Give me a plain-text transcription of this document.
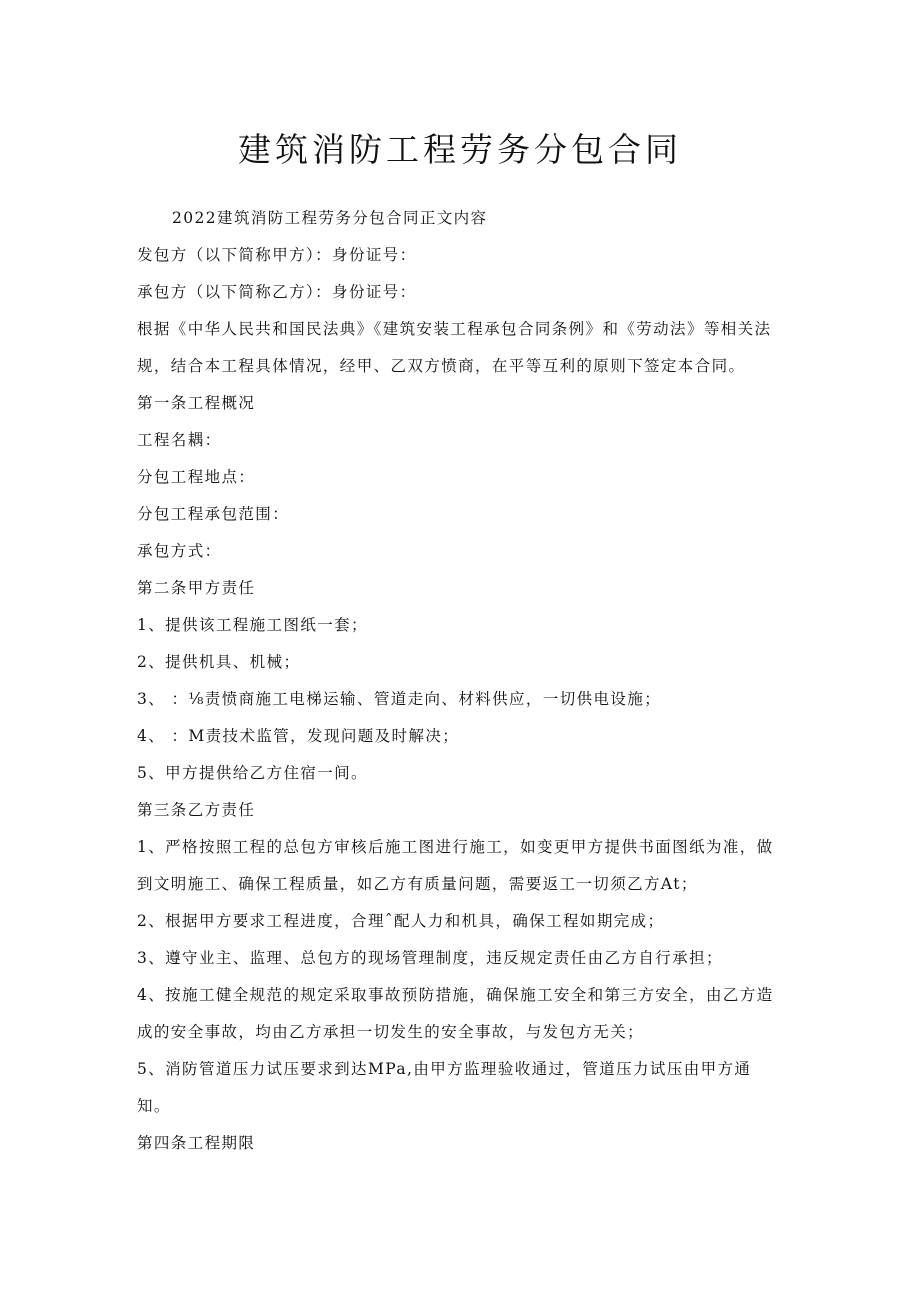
建筑消防工程劳务分包合同
2022建筑消防工程劳务分包合同正文内容
发包方（以下简称甲方）：身份证号：
承包方（以下简称乙方）：身份证号：
根据《中华人民共和国民法典》《建筑安装工程承包合同条例》和《劳动法》等相关法
规，结合本工程具体情况，经甲、乙双方愤商，在平等互利的原则下签定本合同。
第一条工程概况
工程名耦：
分包工程地点：
分包工程承包范围：
承包方式：
第二条甲方责任
1、提供该工程施工图纸一套；
2、提供机具、机械；
3、 ：⅛责愤商施工电梯运输、管道走向、材料供应，一切供电设施；
4、 ：M责技术监管，发现问题及时解决；
5、甲方提供给乙方住宿一间。
第三条乙方责任
1、严格按照工程的总包方审核后施工图进行施工，如变更甲方提供书面图纸为准，做
到文明施工、确保工程质量，如乙方有质量问题，需要返工一切须乙方At；
2、根据甲方要求工程进度，合理ˆ配人力和机具，确保工程如期完成；
3、遵守业主、监理、总包方的现场管理制度，违反规定责任由乙方自行承担；
4、按施工健全规范的规定采取事故预防措施，确保施工安全和第三方安全，由乙方造
成的安全事故，均由乙方承担一切发生的安全事故，与发包方无关；
5、消防管道压力试压要求到达MPa,由甲方监理验收通过，管道压力试压由甲方通
知。
第四条工程期限
